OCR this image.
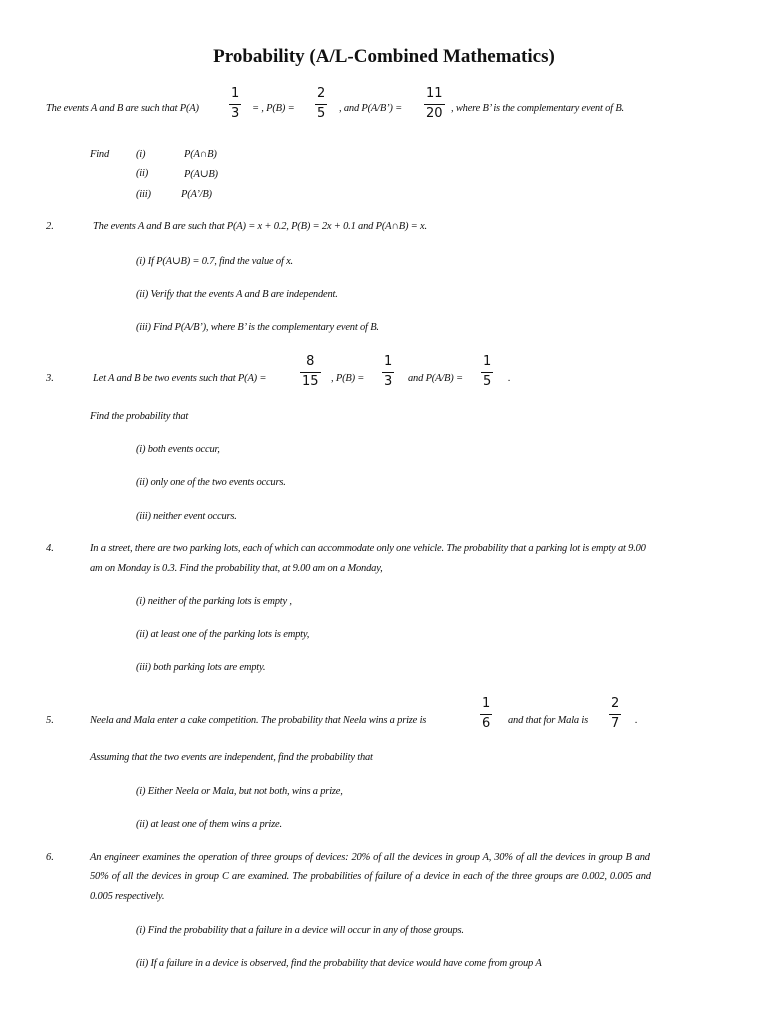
Probability (A/L-Combined Mathematics)
The events A and B are such that P(A)
1
3 = , P(B) =
2
5 , and P(A/B’) =
11
20 , where B’ is the complementary event of B.
Find	(i)	P(A∩B)
(ii)	P(A∪B)
(iii)	P(A’/B)
2.	The events A and B are such that P(A) = x + 0.2, P(B) = 2x + 0.1 and P(A∩B) = x.
(i) If P(A∪B) = 0.7, find the value of x.
(ii) Verify that the events A and B are independent.
(iii) Find P(A/B’), where B’ is the complementary event of B.
3.	Let A and B be two events such that P(A) =
8
15 , P(B) =
1
3 and P(A/B) =
1
5 .
Find the probability that
(i) both events occur,
(ii) only one of the two events occurs.
(iii) neither event occurs.
4.	In a street, there are two parking lots, each of which can accommodate only one vehicle. The probability that a parking lot is empty at 9.00
am on Monday is 0.3. Find the probability that, at 9.00 am on a Monday,
(i) neither of the parking lots is empty ,
(ii) at least one of the parking lots is empty,
(iii) both parking lots are empty.
5.	Neela and Mala enter a cake competition. The probability that Neela wins a prize is
1
6 and that for Mala is
2
7 .
Assuming that the two events are independent, find the probability that
(i) Either Neela or Mala, but not both, wins a prize,
(ii) at least one of them wins a prize.
6.	An engineer examines the operation of three groups of devices: 20% of all the devices in group A, 30% of all the devices in group B and
50% of all the devices in group C are examined. The probabilities of failure of a device in each of the three groups are 0.002, 0.005 and
0.005 respectively.
(i) Find the probability that a failure in a device will occur in any of those groups.
(ii) If a failure in a device is observed, find the probability that device would have come from group A
